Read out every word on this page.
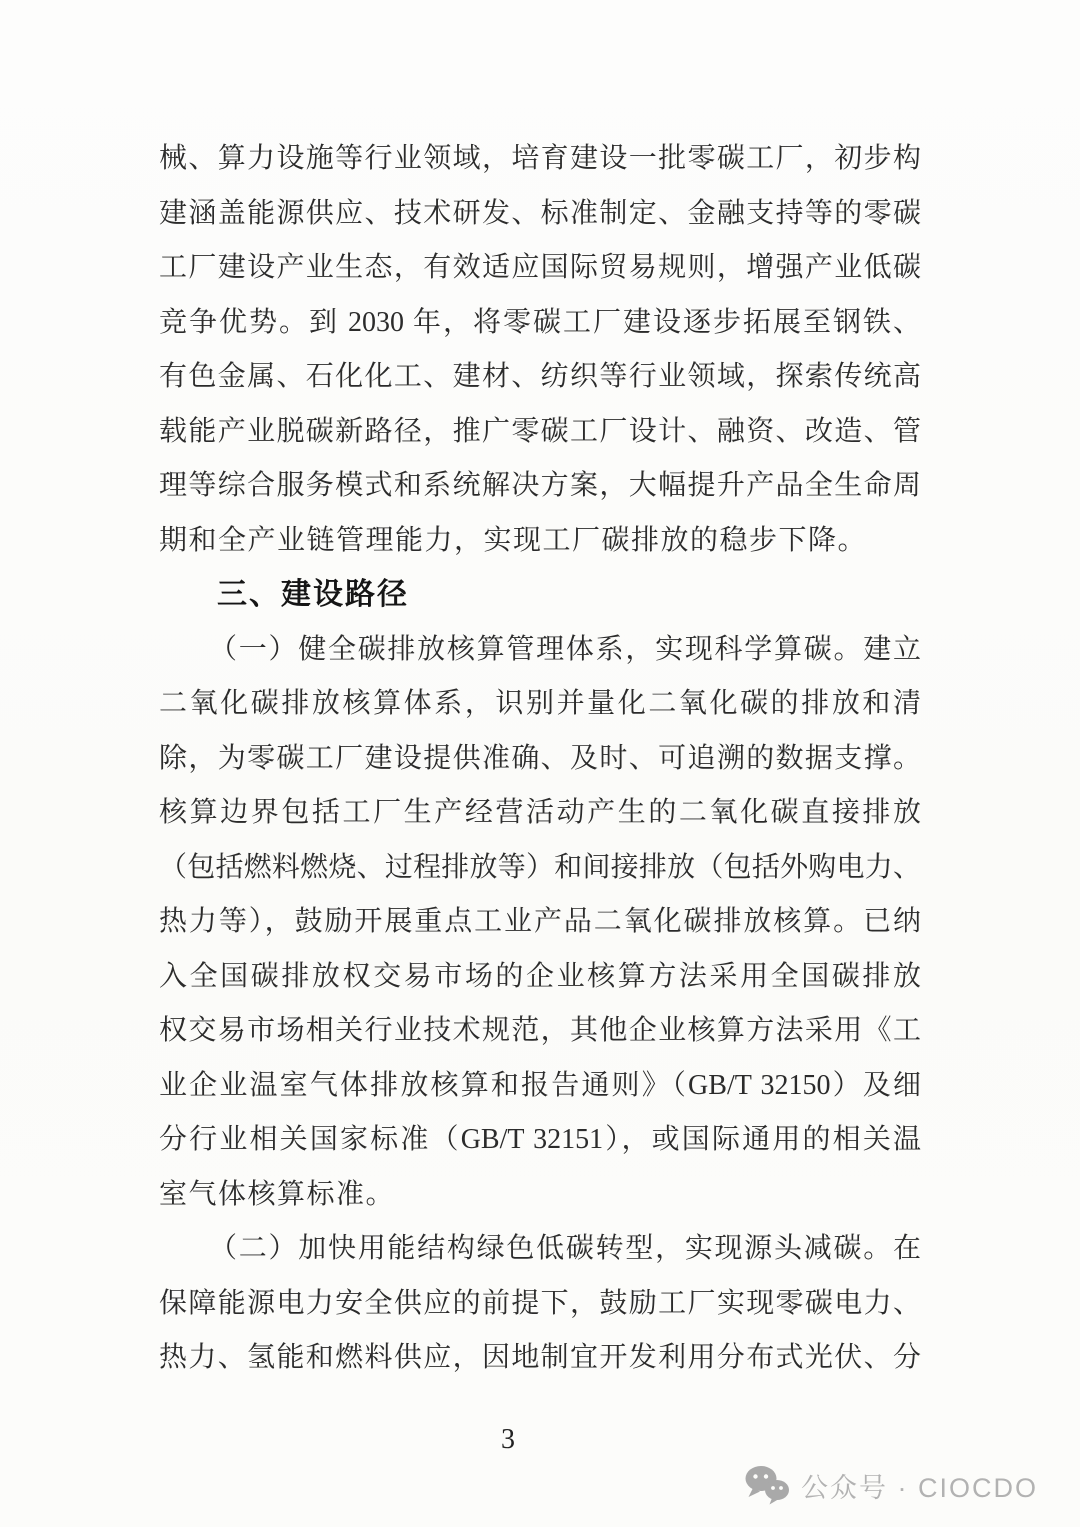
械、算力设施等行业领域，培育建设一批零碳工厂，初步构
建涵盖能源供应、技术研发、标准制定、金融支持等的零碳
工厂建设产业生态，有效适应国际贸易规则，增强产业低碳
竞争优势。到 2030 年，将零碳工厂建设逐步拓展至钢铁、
有色金属、石化化工、建材、纺织等行业领域，探索传统高
载能产业脱碳新路径，推广零碳工厂设计、融资、改造、管
理等综合服务模式和系统解决方案，大幅提升产品全生命周
期和全产业链管理能力，实现工厂碳排放的稳步下降。
三、建设路径
（一）健全碳排放核算管理体系，实现科学算碳。建立
二氧化碳排放核算体系，识别并量化二氧化碳的排放和清
除，为零碳工厂建设提供准确、及时、可追溯的数据支撑。
核算边界包括工厂生产经营活动产生的二氧化碳直接排放
（包括燃料燃烧、过程排放等）和间接排放（包括外购电力、
热力等），鼓励开展重点工业产品二氧化碳排放核算。已纳
入全国碳排放权交易市场的企业核算方法采用全国碳排放
权交易市场相关行业技术规范，其他企业核算方法采用《工
业企业温室气体排放核算和报告通则》（GB/T 32150）及细
分行业相关国家标准（GB/T 32151），或国际通用的相关温
室气体核算标准。
（二）加快用能结构绿色低碳转型，实现源头减碳。在
保障能源电力安全供应的前提下，鼓励工厂实现零碳电力、
热力、氢能和燃料供应，因地制宜开发利用分布式光伏、分
3
公众号 · CIOCDO
